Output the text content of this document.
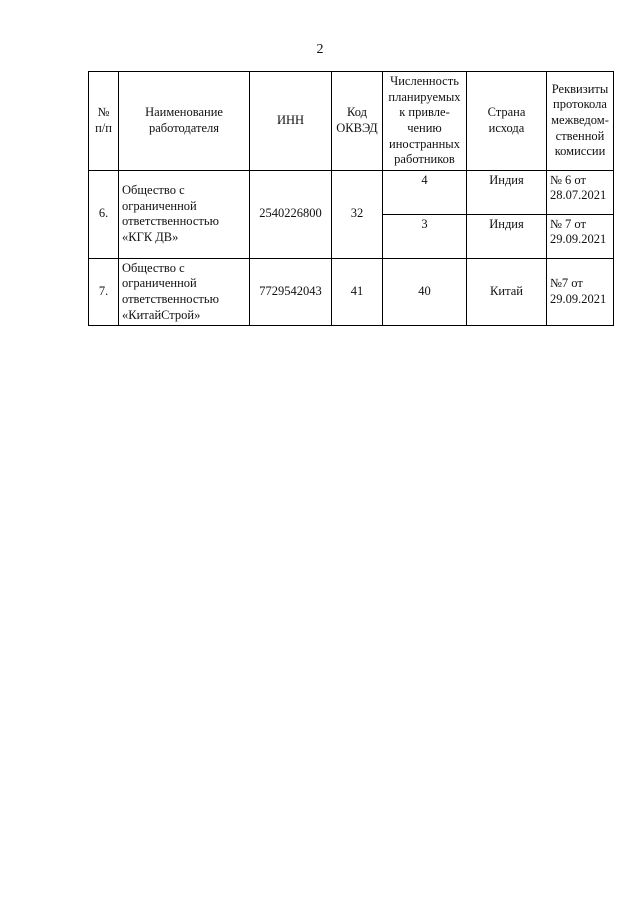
2
№ п/п	Наименование работодателя	ИНН	Код ОКВЭД	Численность планируемых к привле-чению иностранных работников	Страна исхода	Реквизиты протокола межведом-ственной комиссии
6.	Общество с ограниченной ответственностью «КГК ДВ»	2540226800	32	4	Индия	№ 6 от 28.07.2021
				3	Индия	№ 7 от 29.09.2021
7.	Общество с ограниченной ответственностью «КитайСтрой»	7729542043	41	40	Китай	№7 от 29.09.2021
